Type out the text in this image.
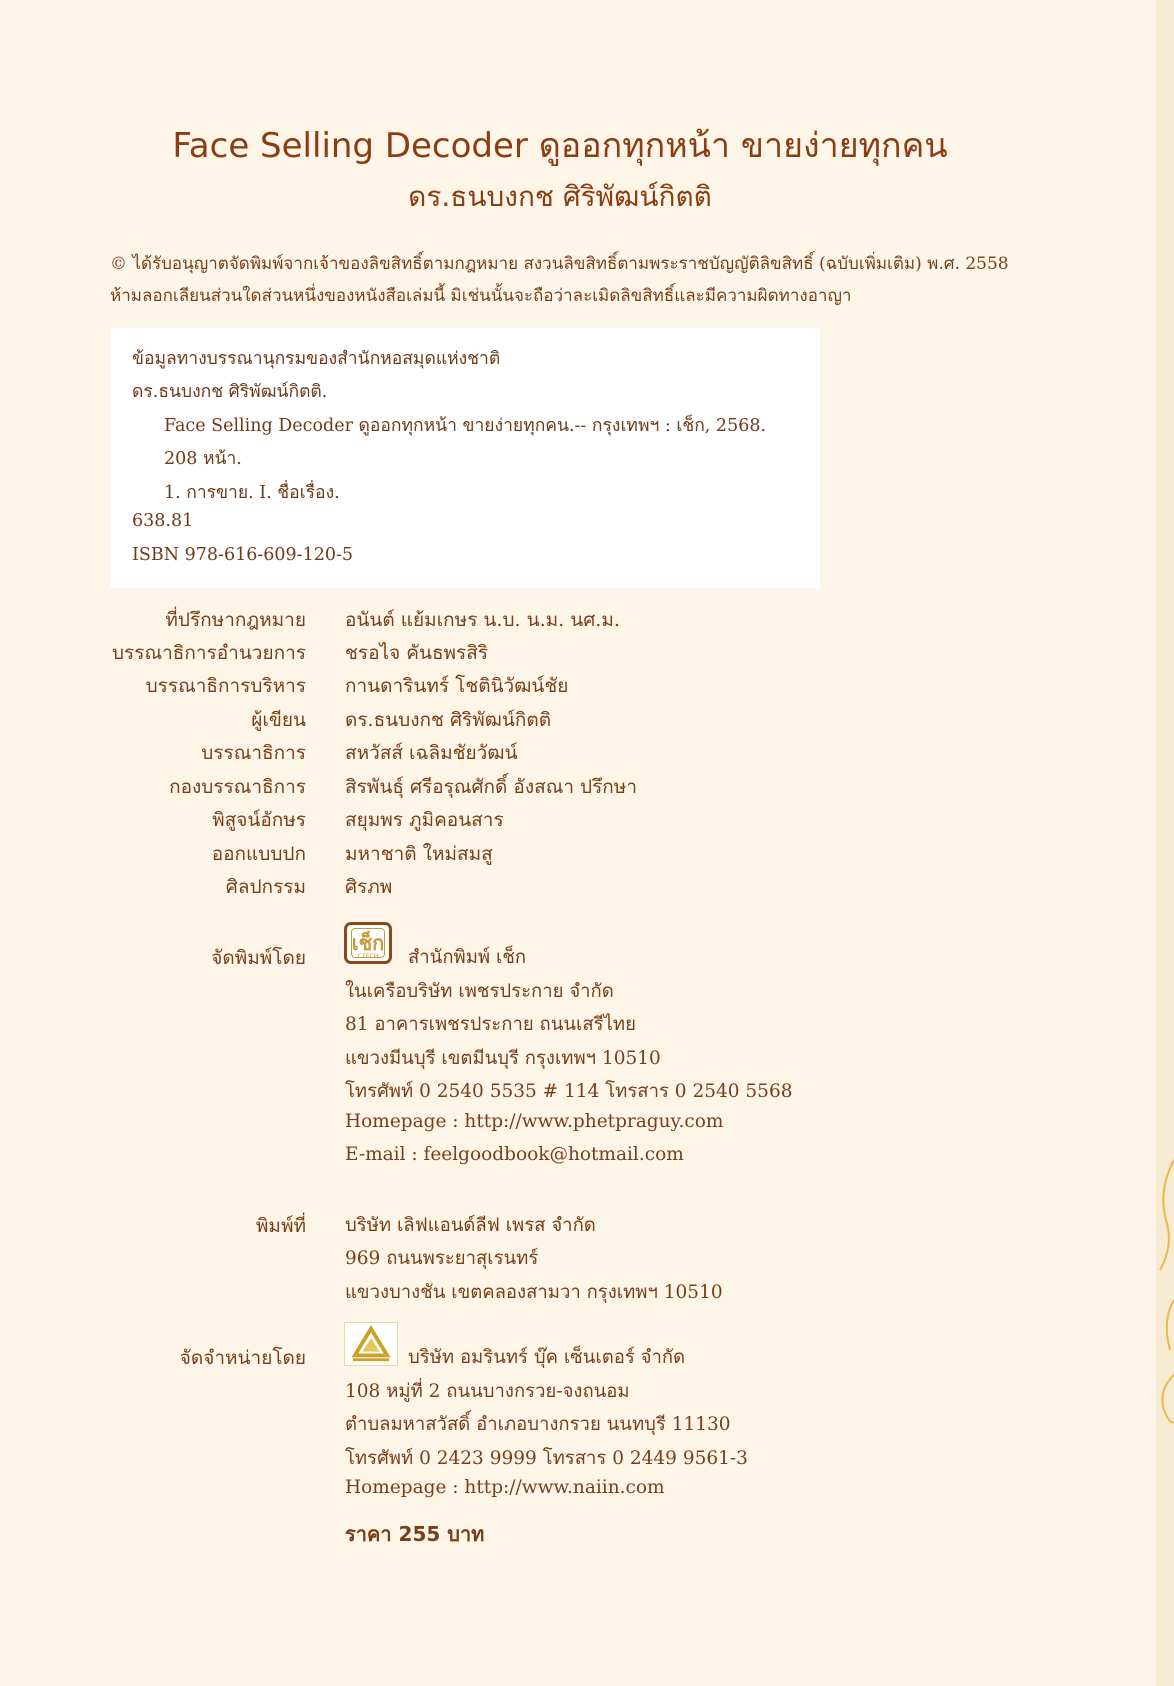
Face Selling Decoder ดูออกทุกหน้า ขายง่ายทุกคน
ดร.ธนบงกช ศิริพัฒน์กิตติ
© ได้รับอนุญาตจัดพิมพ์จากเจ้าของลิขสิทธิ์ตามกฎหมาย สงวนลิขสิทธิ์ตามพระราชบัญญัติลิขสิทธิ์ (ฉบับเพิ่มเติม) พ.ศ. 2558
ห้ามลอกเลียนส่วนใดส่วนหนึ่งของหนังสือเล่มนี้ มิเช่นนั้นจะถือว่าละเมิดลิขสิทธิ์และมีความผิดทางอาญา
ข้อมูลทางบรรณานุกรมของสำนักหอสมุดแห่งชาติ
ดร.ธนบงกช ศิริพัฒน์กิตติ.
Face Selling Decoder ดูออกทุกหน้า ขายง่ายทุกคน.-- กรุงเทพฯ : เช็ก, 2568.
208 หน้า.
1. การขาย. I. ชื่อเรื่อง.
638.81
ISBN 978-616-609-120-5
ที่ปรึกษากฎหมาย อนันต์ แย้มเกษร น.บ. น.ม. นศ.ม.
บรรณาธิการอำนวยการ ชรอไจ คันธพรสิริ
บรรณาธิการบริหาร กานดารินทร์ โชตินิวัฒน์ชัย
ผู้เขียน ดร.ธนบงกช ศิริพัฒน์กิตติ
บรรณาธิการ สหวัสส์ เฉลิมชัยวัฒน์
กองบรรณาธิการ สิรพันธุ์ ศรีอรุณศักดิ์ อังสณา ปรึกษา
พิสูจน์อักษร สยุมพร ภูมิคอนสาร
ออกแบบปก มหาชาติ ใหม่สมสู
ศิลปกรรม ศิรภพ
จัดพิมพ์โดย
เช็ก
CZECH	สำนักพิมพ์ เช็ก
ในเครือบริษัท เพชรประกาย จำกัด
81 อาคารเพชรประกาย ถนนเสรีไทย
แขวงมีนบุรี เขตมีนบุรี กรุงเทพฯ 10510
โทรศัพท์ 0 2540 5535 # 114 โทรสาร 0 2540 5568
Homepage : http://www.phetpraguy.com
E-mail : feelgoodbook@hotmail.com
พิมพ์ที่ บริษัท เลิฟแอนด์ลีฟ เพรส จำกัด
969 ถนนพระยาสุเรนทร์
แขวงบางชัน เขตคลองสามวา กรุงเทพฯ 10510
จัดจำหน่ายโดย	บริษัท อมรินทร์ บุ๊ค เซ็นเตอร์ จำกัด
108 หมู่ที่ 2 ถนนบางกรวย-จงถนอม
ตำบลมหาสวัสดิ์ อำเภอบางกรวย นนทบุรี 11130
โทรศัพท์ 0 2423 9999 โทรสาร 0 2449 9561-3
Homepage : http://www.naiin.com
ราคา 255 บาท
